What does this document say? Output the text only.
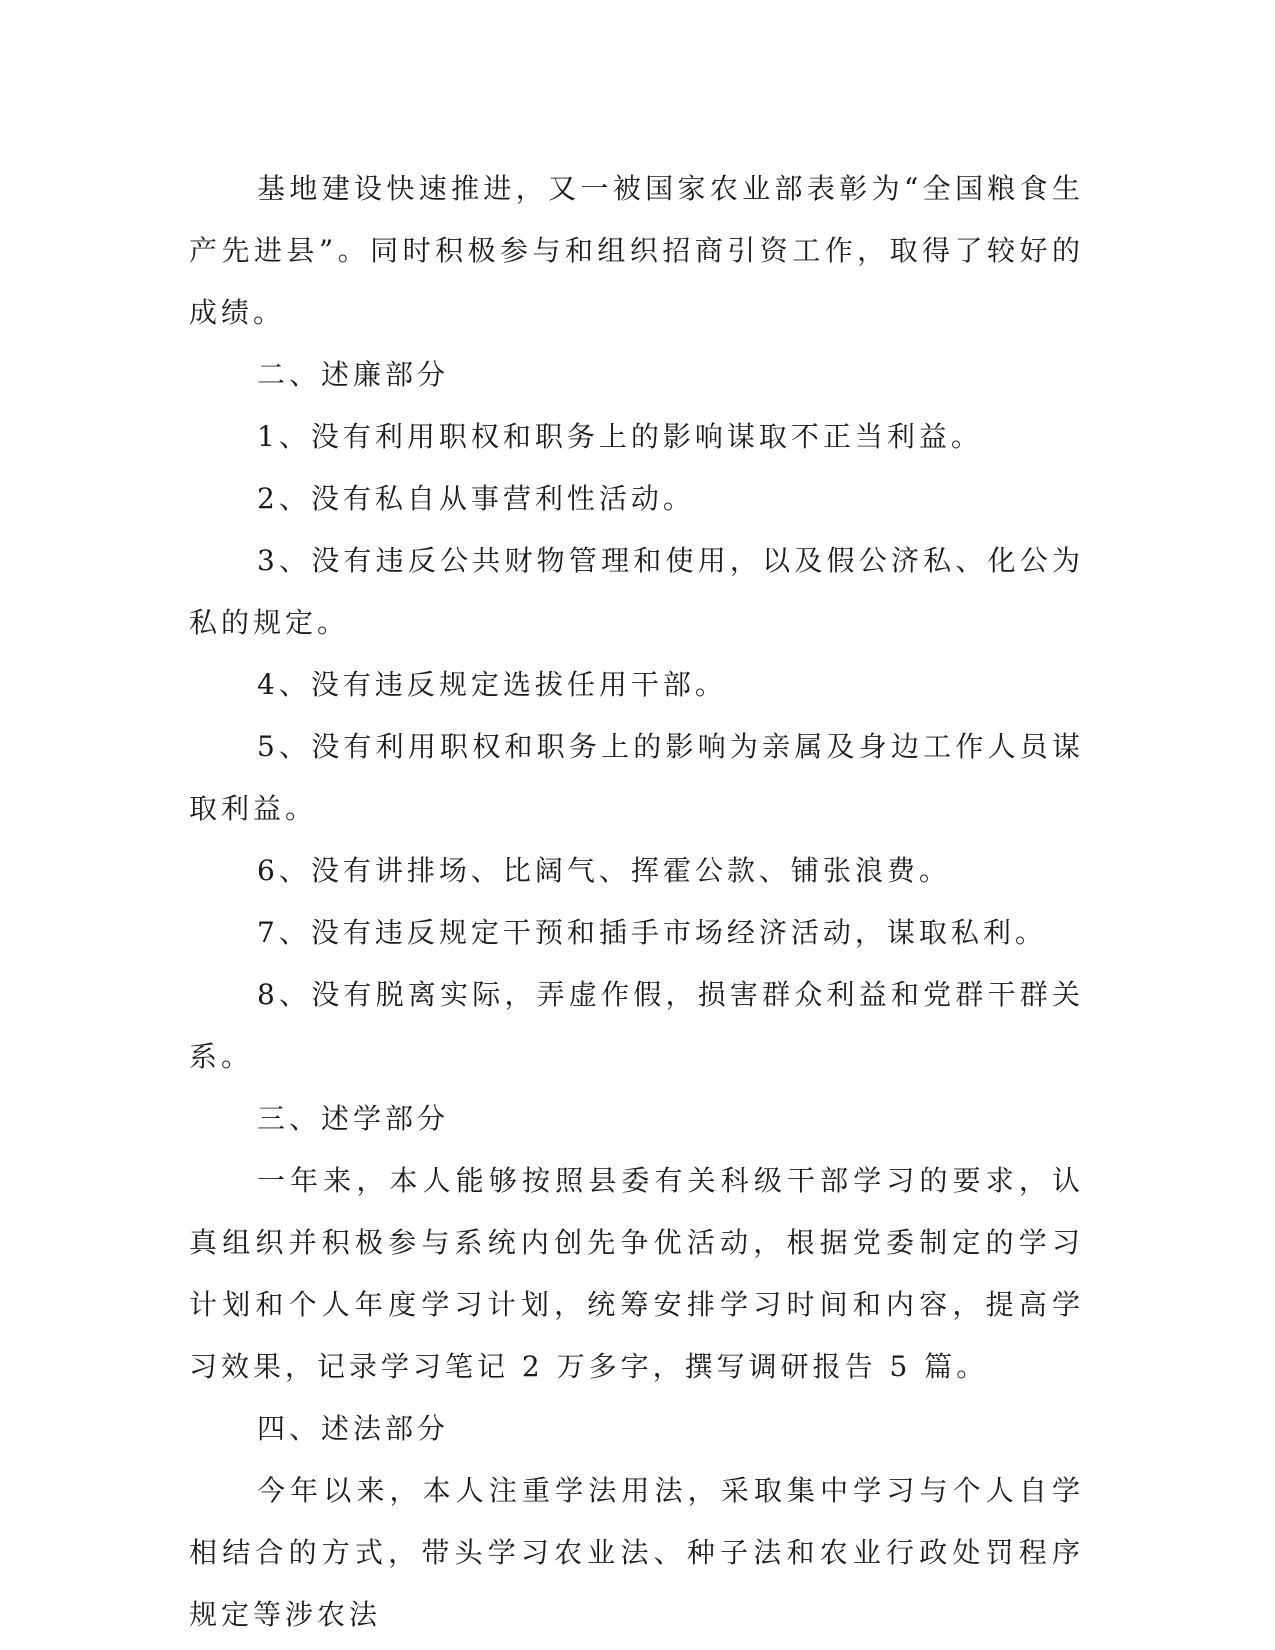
基地建设快速推进，又一被国家农业部表彰为“全国粮食生产先进县”。同时积极参与和组织招商引资工作，取得了较好的成绩。

二、述廉部分

1、没有利用职权和职务上的影响谋取不正当利益。

2、没有私自从事营利性活动。

3、没有违反公共财物管理和使用，以及假公济私、化公为私的规定。

4、没有违反规定选拔任用干部。

5、没有利用职权和职务上的影响为亲属及身边工作人员谋取利益。

6、没有讲排场、比阔气、挥霍公款、铺张浪费。

7、没有违反规定干预和插手市场经济活动，谋取私利。

8、没有脱离实际，弄虚作假，损害群众利益和党群干群关系。

三、述学部分

一年来，本人能够按照县委有关科级干部学习的要求，认真组织并积极参与系统内创先争优活动，根据党委制定的学习计划和个人年度学习计划，统筹安排学习时间和内容，提高学习效果，记录学习笔记 2 万多字，撰写调研报告 5 篇。

四、述法部分

今年以来，本人注重学法用法，采取集中学习与个人自学相结合的方式，带头学习农业法、种子法和农业行政处罚程序规定等涉农法
